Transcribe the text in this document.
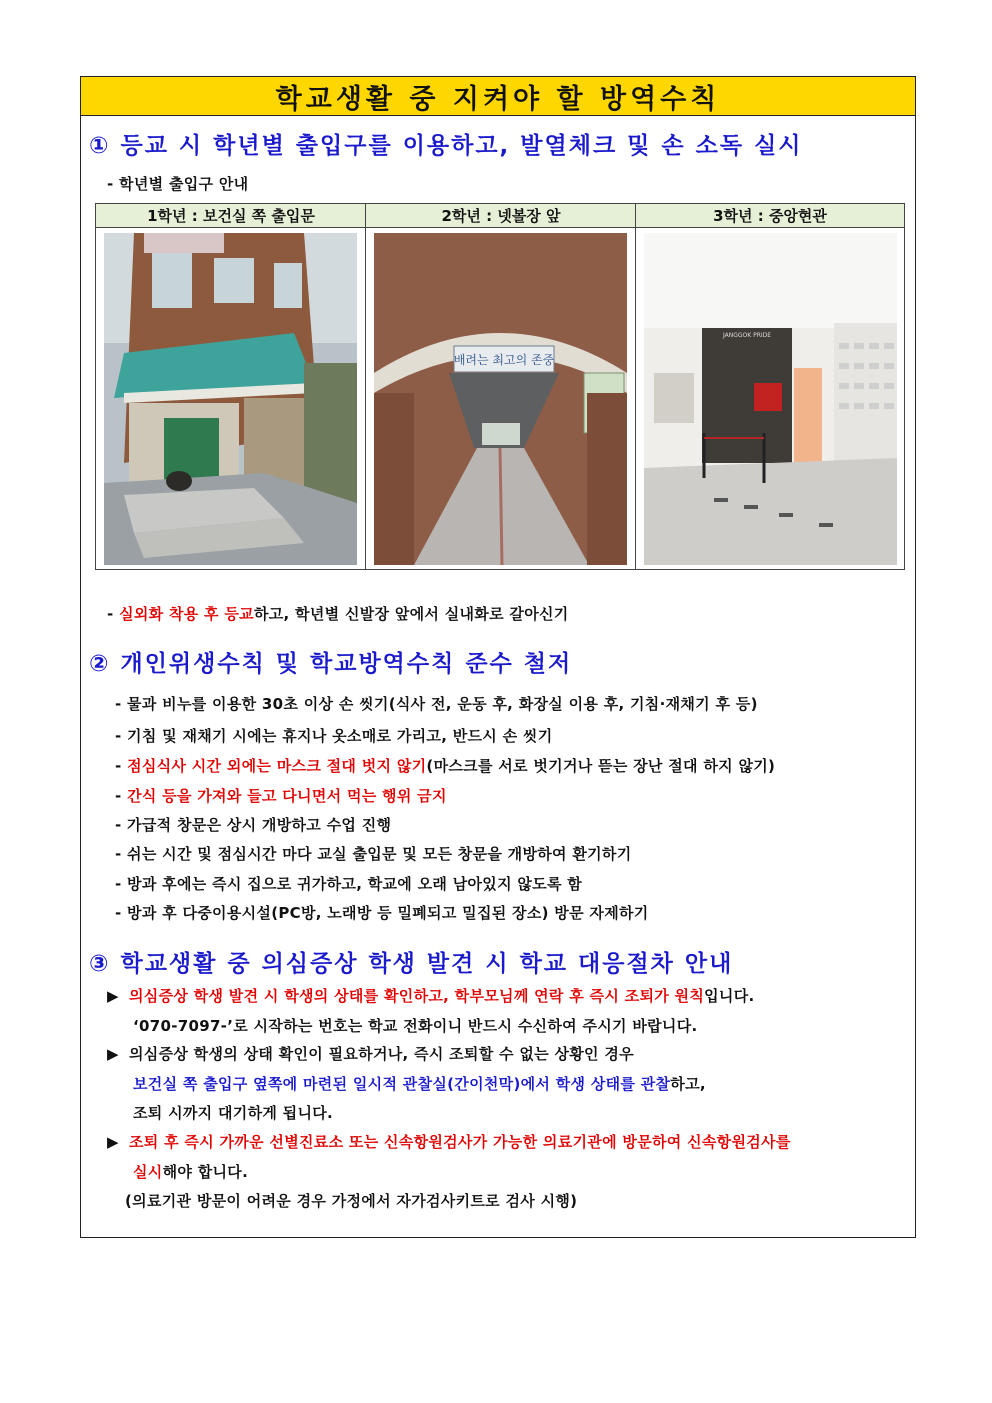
학교생활 중 지켜야 할 방역수칙
① 등교 시 학년별 출입구를 이용하고, 발열체크 및 손 소독 실시
- 학년별 출입구 안내
1학년 : 보건실 쪽 출입문	2학년 : 넷볼장 앞	3학년 : 중앙현관
배려는 최고의 존중
JANGGOK PRIDE
- 실외화 착용 후 등교하고, 학년별 신발장 앞에서 실내화로 갈아신기
② 개인위생수칙 및 학교방역수칙 준수 철저
- 물과 비누를 이용한 30초 이상 손 씻기(식사 전, 운동 후, 화장실 이용 후, 기침·재채기 후 등)
- 기침 및 재채기 시에는 휴지나 옷소매로 가리고, 반드시 손 씻기
- 점심식사 시간 외에는 마스크 절대 벗지 않기(마스크를 서로 벗기거나 뜯는 장난 절대 하지 않기)
- 간식 등을 가져와 들고 다니면서 먹는 행위 금지
- 가급적 창문은 상시 개방하고 수업 진행
- 쉬는 시간 및 점심시간 마다 교실 출입문 및 모든 창문을 개방하여 환기하기
- 방과 후에는 즉시 집으로 귀가하고, 학교에 오래 남아있지 않도록 함
- 방과 후 다중이용시설(PC방, 노래방 등 밀폐되고 밀집된 장소) 방문 자제하기
③ 학교생활 중 의심증상 학생 발견 시 학교 대응절차 안내
▶ 의심증상 학생 발견 시 학생의 상태를 확인하고, 학부모님께 연락 후 즉시 조퇴가 원칙입니다.
‘070-7097-’로 시작하는 번호는 학교 전화이니 반드시 수신하여 주시기 바랍니다.
▶ 의심증상 학생의 상태 확인이 필요하거나, 즉시 조퇴할 수 없는 상황인 경우
보건실 쪽 출입구 옆쪽에 마련된 일시적 관찰실(간이천막)에서 학생 상태를 관찰하고,
조퇴 시까지 대기하게 됩니다.
▶ 조퇴 후 즉시 가까운 선별진료소 또는 신속항원검사가 가능한 의료기관에 방문하여 신속항원검사를
실시해야 합니다.
(의료기관 방문이 어려운 경우 가정에서 자가검사키트로 검사 시행)
